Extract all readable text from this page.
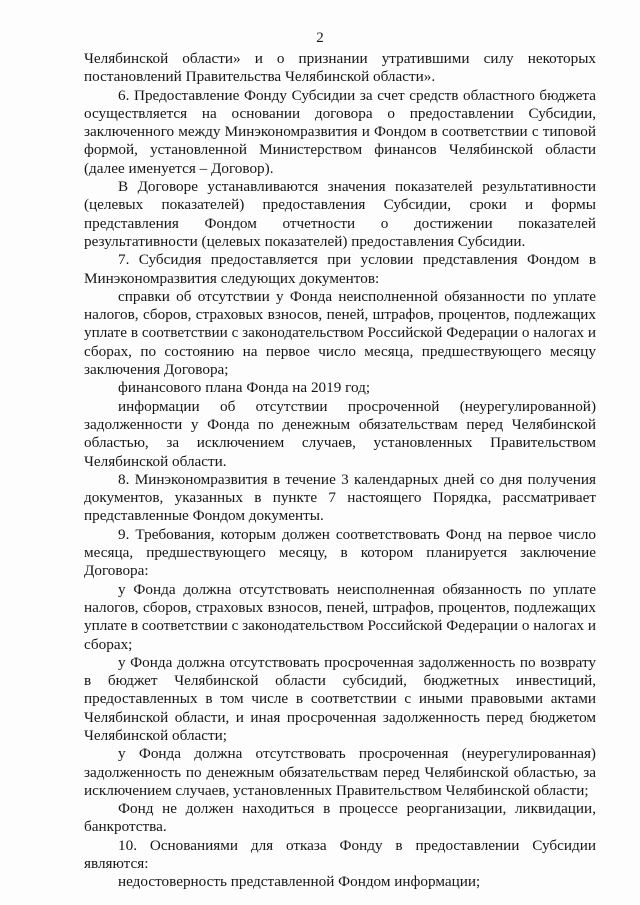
2

Челябинской области» и о признании утратившими силу некоторых постановлений Правительства Челябинской области».

6. Предоставление Фонду Субсидии за счет средств областного бюджета осуществляется на основании договора о предоставлении Субсидии, заключенного между Минэкономразвития и Фондом в соответствии с типовой формой, установленной Министерством финансов Челябинской области (далее именуется – Договор).

В Договоре устанавливаются значения показателей результативности (целевых показателей) предоставления Субсидии, сроки и формы представления Фондом отчетности о достижении показателей результативности (целевых показателей) предоставления Субсидии.

7. Субсидия предоставляется при условии представления Фондом в Минэкономразвития следующих документов:

справки об отсутствии у Фонда неисполненной обязанности по уплате налогов, сборов, страховых взносов, пеней, штрафов, процентов, подлежащих уплате в соответствии с законодательством Российской Федерации о налогах и сборах, по состоянию на первое число месяца, предшествующего месяцу заключения Договора;

финансового плана Фонда на 2019 год;

информации об отсутствии просроченной (неурегулированной) задолженности у Фонда по денежным обязательствам перед Челябинской областью, за исключением случаев, установленных Правительством Челябинской области.

8. Минэкономразвития в течение 3 календарных дней со дня получения документов, указанных в пункте 7 настоящего Порядка, рассматривает представленные Фондом документы.

9. Требования, которым должен соответствовать Фонд на первое число месяца, предшествующего месяцу, в котором планируется заключение Договора:

у Фонда должна отсутствовать неисполненная обязанность по уплате налогов, сборов, страховых взносов, пеней, штрафов, процентов, подлежащих уплате в соответствии с законодательством Российской Федерации о налогах и сборах;

у Фонда должна отсутствовать просроченная задолженность по возврату в бюджет Челябинской области субсидий, бюджетных инвестиций, предоставленных в том числе в соответствии с иными правовыми актами Челябинской области, и иная просроченная задолженность перед бюджетом Челябинской области;

у Фонда должна отсутствовать просроченная (неурегулированная) задолженность по денежным обязательствам перед Челябинской областью, за исключением случаев, установленных Правительством Челябинской области;

Фонд не должен находиться в процессе реорганизации, ликвидации, банкротства.

10. Основаниями для отказа Фонду в предоставлении Субсидии являются:

недостоверность представленной Фондом информации;
